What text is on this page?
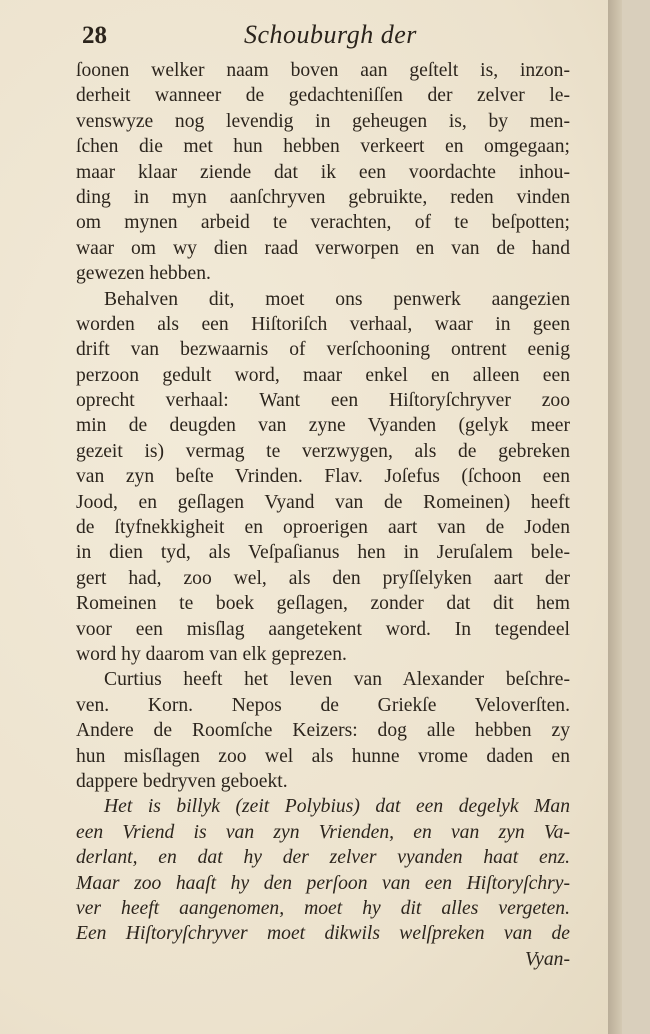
28	Schouburgh der
ſoonen welker naam boven aan geſtelt is, inzon-
derheit wanneer de gedachteniſſen der zelver le-
venswyze nog levendig in geheugen is, by men-
ſchen die met hun hebben verkeert en omgegaan;
maar klaar ziende dat ik een voordachte inhou-
ding in myn aanſchryven gebruikte, reden vinden
om mynen arbeid te verachten, of te beſpotten;
waar om wy dien raad verworpen en van de hand
gewezen hebben.
Behalven dit, moet ons penwerk aangezien
worden als een Hiſtoriſch verhaal, waar in geen
drift van bezwaarnis of verſchooning ontrent eenig
perzoon gedult word, maar enkel en alleen een
oprecht verhaal: Want een Hiſtoryſchryver zoo
min de deugden van zyne Vyanden (gelyk meer
gezeit is) vermag te verzwygen, als de gebreken
van zyn beſte Vrinden. Flav. Joſefus (ſchoon een
Jood, en geſlagen Vyand van de Romeinen) heeft
de ſtyfnekkigheit en oproerigen aart van de Joden
in dien tyd, als Veſpaſianus hen in Jeruſalem bele-
gert had, zoo wel, als den pryſſelyken aart der
Romeinen te boek geſlagen, zonder dat dit hem
voor een misſlag aangetekent word. In tegendeel
word hy daarom van elk geprezen.
Curtius heeft het leven van Alexander beſchre-
ven. Korn. Nepos de Griekſe Veloverſten.
Andere de Roomſche Keizers: dog alle hebben zy
hun misſlagen zoo wel als hunne vrome daden en
dappere bedryven geboekt.
Het is billyk (zeit Polybius) dat een degelyk Man
een Vriend is van zyn Vrienden, en van zyn Va-
derlant, en dat hy der zelver vyanden haat enz.
Maar zoo haaſt hy den perſoon van een Hiſtoryſchry-
ver heeft aangenomen, moet hy dit alles vergeten.
Een Hiſtoryſchryver moet dikwils welſpreken van de
Vyan-
